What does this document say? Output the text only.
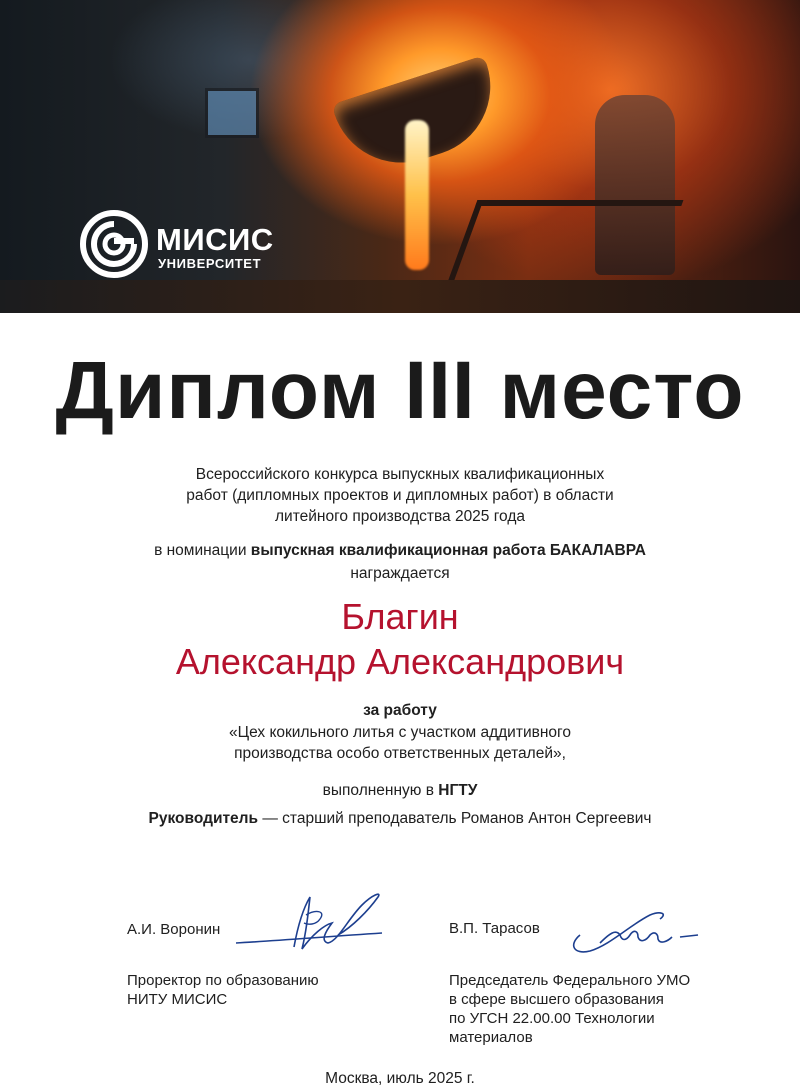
МИСИС
УНИВЕРСИТЕТ
Диплом III место
Всероссийского конкурса выпускных квалификационных
работ (дипломных проектов и дипломных работ) в области
литейного производства 2025 года
в номинации выпускная квалификационная работа БАКАЛАВРА
награждается
Благин
Александр Александрович
за работу
«Цех кокильного литья с участком аддитивного
производства особо ответственных деталей»,
выполненную в НГТУ
Руководитель — старший преподаватель Романов Антон Сергеевич
А.И. Воронин
Проректор по образованию
НИТУ МИСИС
В.П. Тарасов
Председатель Федерального УМО
в сфере высшего образования
по УГСН 22.00.00 Технологии
материалов
Москва, июль 2025 г.
